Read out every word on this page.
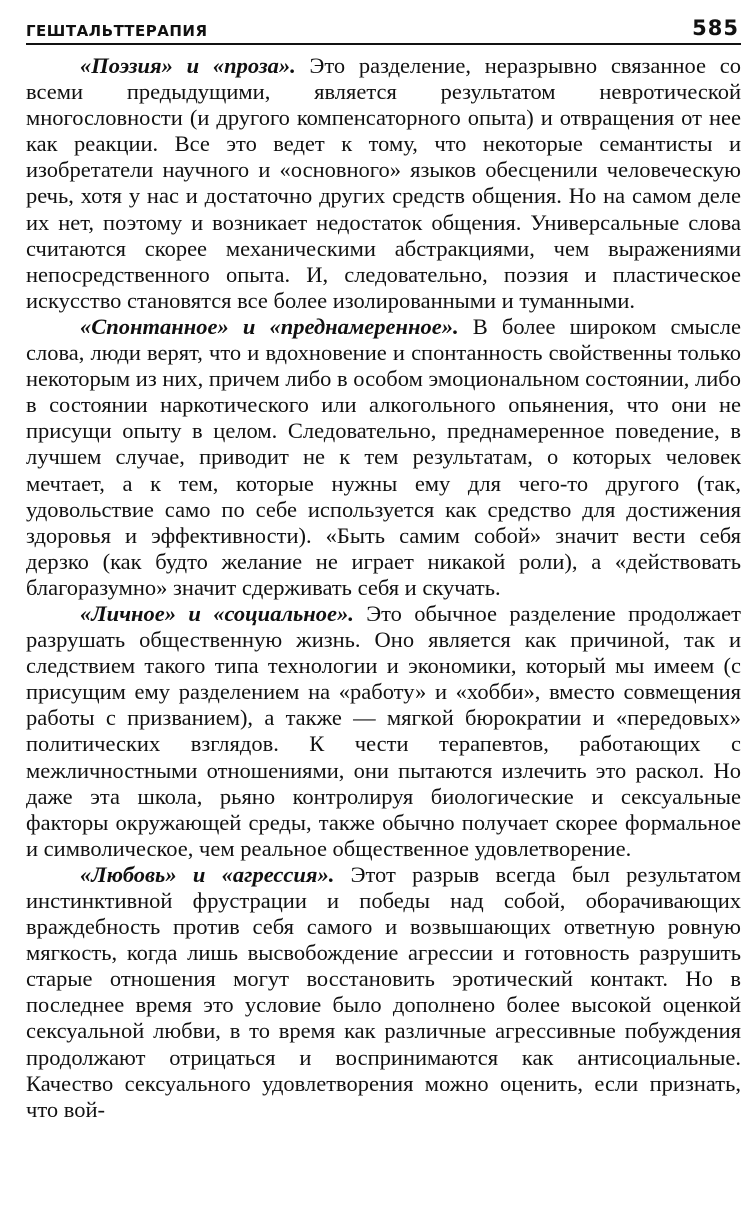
ГЕШТАЛЬТТЕРАПИЯ	585

«Поэзия» и «проза». Это разделение, неразрывно связанное со всеми предыдущими, является результатом невротической многословности (и другого компенсаторного опыта) и отвращения от нее как реакции. Все это ведет к тому, что некоторые семантисты и изобретатели научного и «основного» языков обесценили человеческую речь, хотя у нас и достаточно других средств общения. Но на самом деле их нет, поэтому и возникает недостаток общения. Универсальные слова считаются скорее механическими абстракциями, чем выражениями непосредственного опыта. И, следовательно, поэзия и пластическое искусство становятся все более изолированными и туманными.

«Спонтанное» и «преднамеренное». В более широком смысле слова, люди верят, что и вдохновение и спонтанность свойственны только некоторым из них, причем либо в особом эмоциональном состоянии, либо в состоянии наркотического или алкогольного опьянения, что они не присущи опыту в целом. Следовательно, преднамеренное поведение, в лучшем случае, приводит не к тем результатам, о которых человек мечтает, а к тем, которые нужны ему для чего-то другого (так, удовольствие само по себе используется как средство для достижения здоровья и эффективности). «Быть самим собой» значит вести себя дерзко (как будто желание не играет никакой роли), а «действовать благоразумно» значит сдерживать себя и скучать.

«Личное» и «социальное». Это обычное разделение продолжает разрушать общественную жизнь. Оно является как причиной, так и следствием такого типа технологии и экономики, который мы имеем (с присущим ему разделением на «работу» и «хобби», вместо совмещения работы с призванием), а также — мягкой бюрократии и «передовых» политических взглядов. К чести терапевтов, работающих с межличностными отношениями, они пытаются излечить это раскол. Но даже эта школа, рьяно контролируя биологические и сексуальные факторы окружающей среды, также обычно получает скорее формальное и символическое, чем реальное общественное удовлетворение.

«Любовь» и «агрессия». Этот разрыв всегда был результатом инстинктивной фрустрации и победы над собой, оборачивающих враждебность против себя самого и возвышающих ответную ровную мягкость, когда лишь высвобождение агрессии и готовность разрушить старые отношения могут восстановить эротический контакт. Но в последнее время это условие было дополнено более высокой оценкой сексуальной любви, в то время как различные агрессивные побуждения продолжают отрицаться и воспринимаются как антисоциальные. Качество сексуального удовлетворения можно оценить, если признать, что вой-
